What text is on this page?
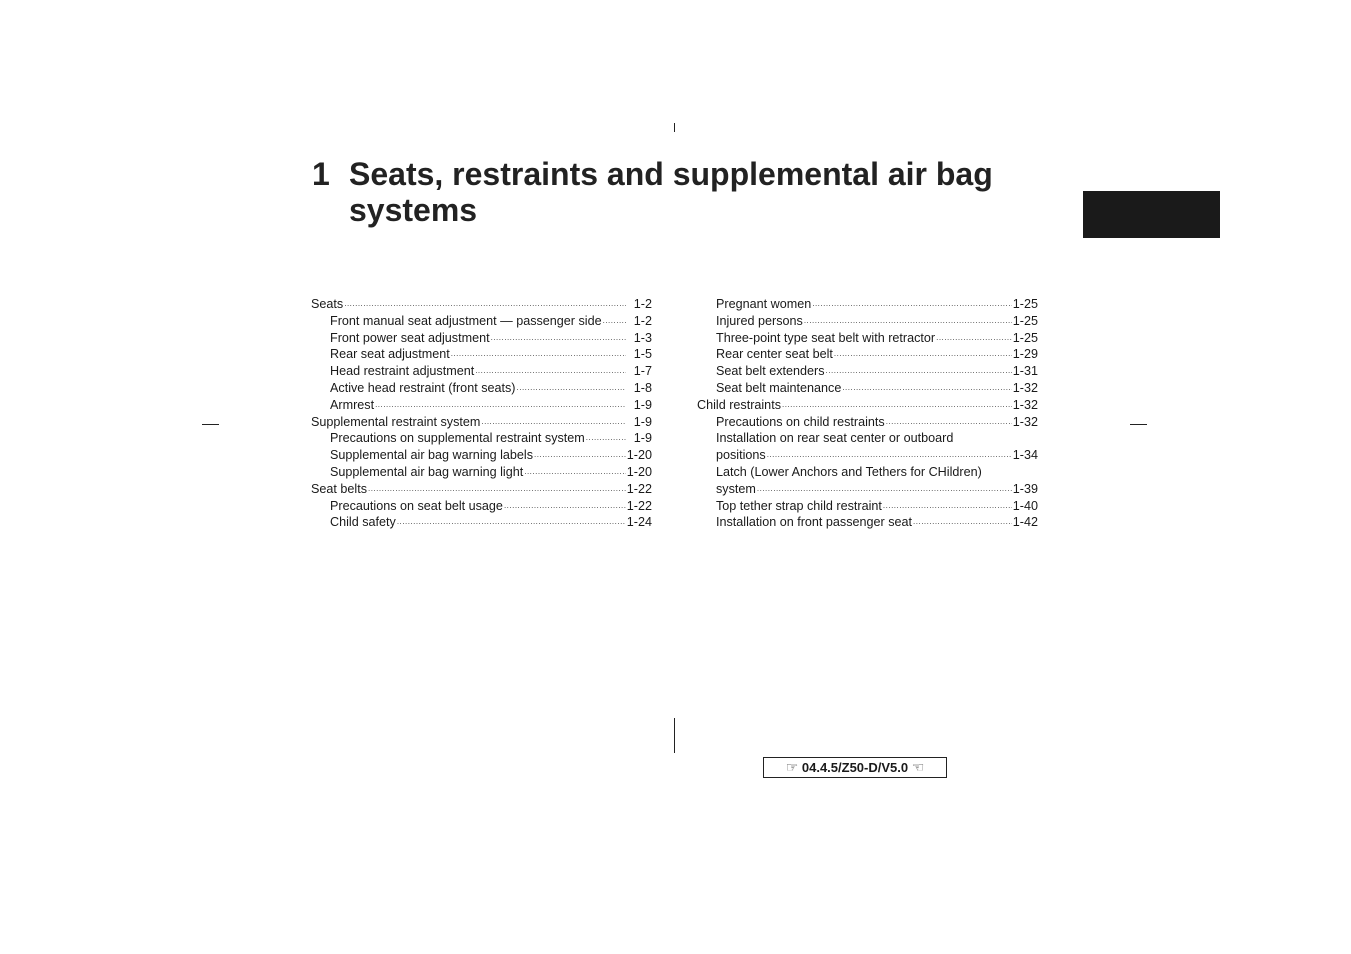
1 Seats, restraints and supplemental air bag systems
Seats .....	1-2
Front manual seat adjustment — passenger side .....	1-2
Front power seat adjustment .....	1-3
Rear seat adjustment .....	1-5
Head restraint adjustment .....	1-7
Active head restraint (front seats) .....	1-8
Armrest .....	1-9
Supplemental restraint system .....	1-9
Precautions on supplemental restraint system .....	1-9
Supplemental air bag warning labels .....	1-20
Supplemental air bag warning light .....	1-20
Seat belts .....	1-22
Precautions on seat belt usage .....	1-22
Child safety .....	1-24
Pregnant women .....	1-25
Injured persons .....	1-25
Three-point type seat belt with retractor .....	1-25
Rear center seat belt .....	1-29
Seat belt extenders .....	1-31
Seat belt maintenance .....	1-32
Child restraints .....	1-32
Precautions on child restraints .....	1-32
Installation on rear seat center or outboard
positions .....	1-34
Latch (Lower Anchors and Tethers for CHildren)
system .....	1-39
Top tether strap child restraint .....	1-40
Installation on front passenger seat .....	1-42
☞ 04.4.5/Z50-D/V5.0 ☜
